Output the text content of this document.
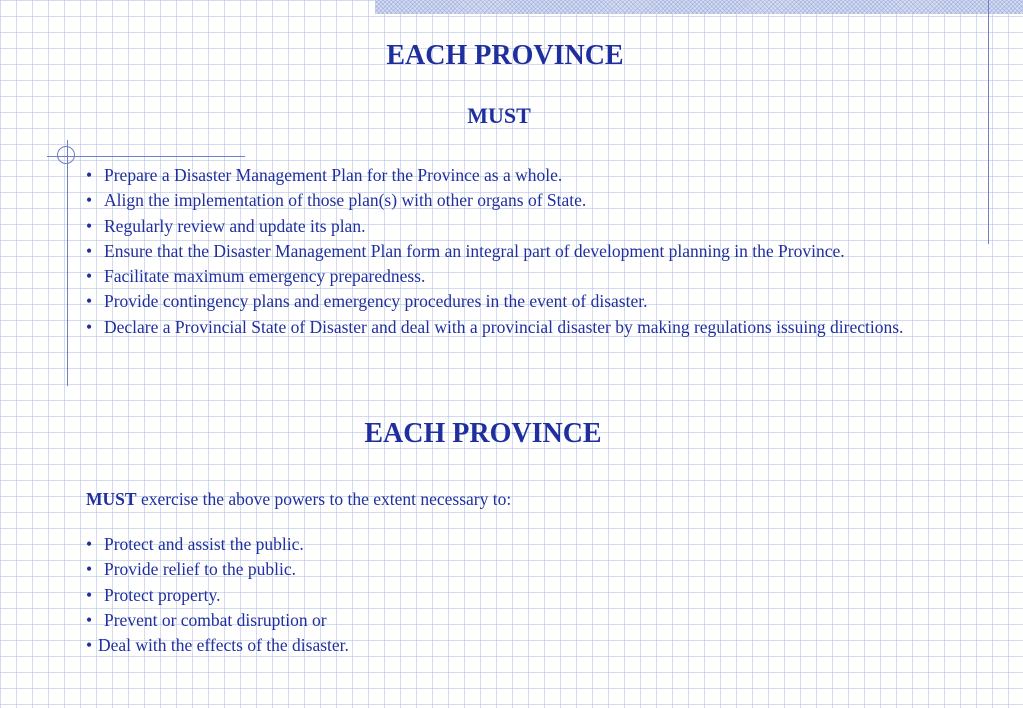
EACH PROVINCE
MUST
• Prepare a Disaster Management Plan for the Province as a whole.
• Align the implementation of those plan(s) with other organs of State.
• Regularly review and update its plan.
• Ensure that the Disaster Management Plan form an integral part of development planning in the Province.
• Facilitate maximum emergency preparedness.
• Provide contingency plans and emergency procedures in the event of disaster.
• Declare a Provincial State of Disaster and deal with a provincial disaster by making regulations issuing directions.
EACH PROVINCE

MUST exercise the above powers to the extent necessary to:

• Protect and assist the public.
• Provide relief to the public.
• Protect property.
• Prevent or combat disruption or
• Deal with the effects of the disaster.
